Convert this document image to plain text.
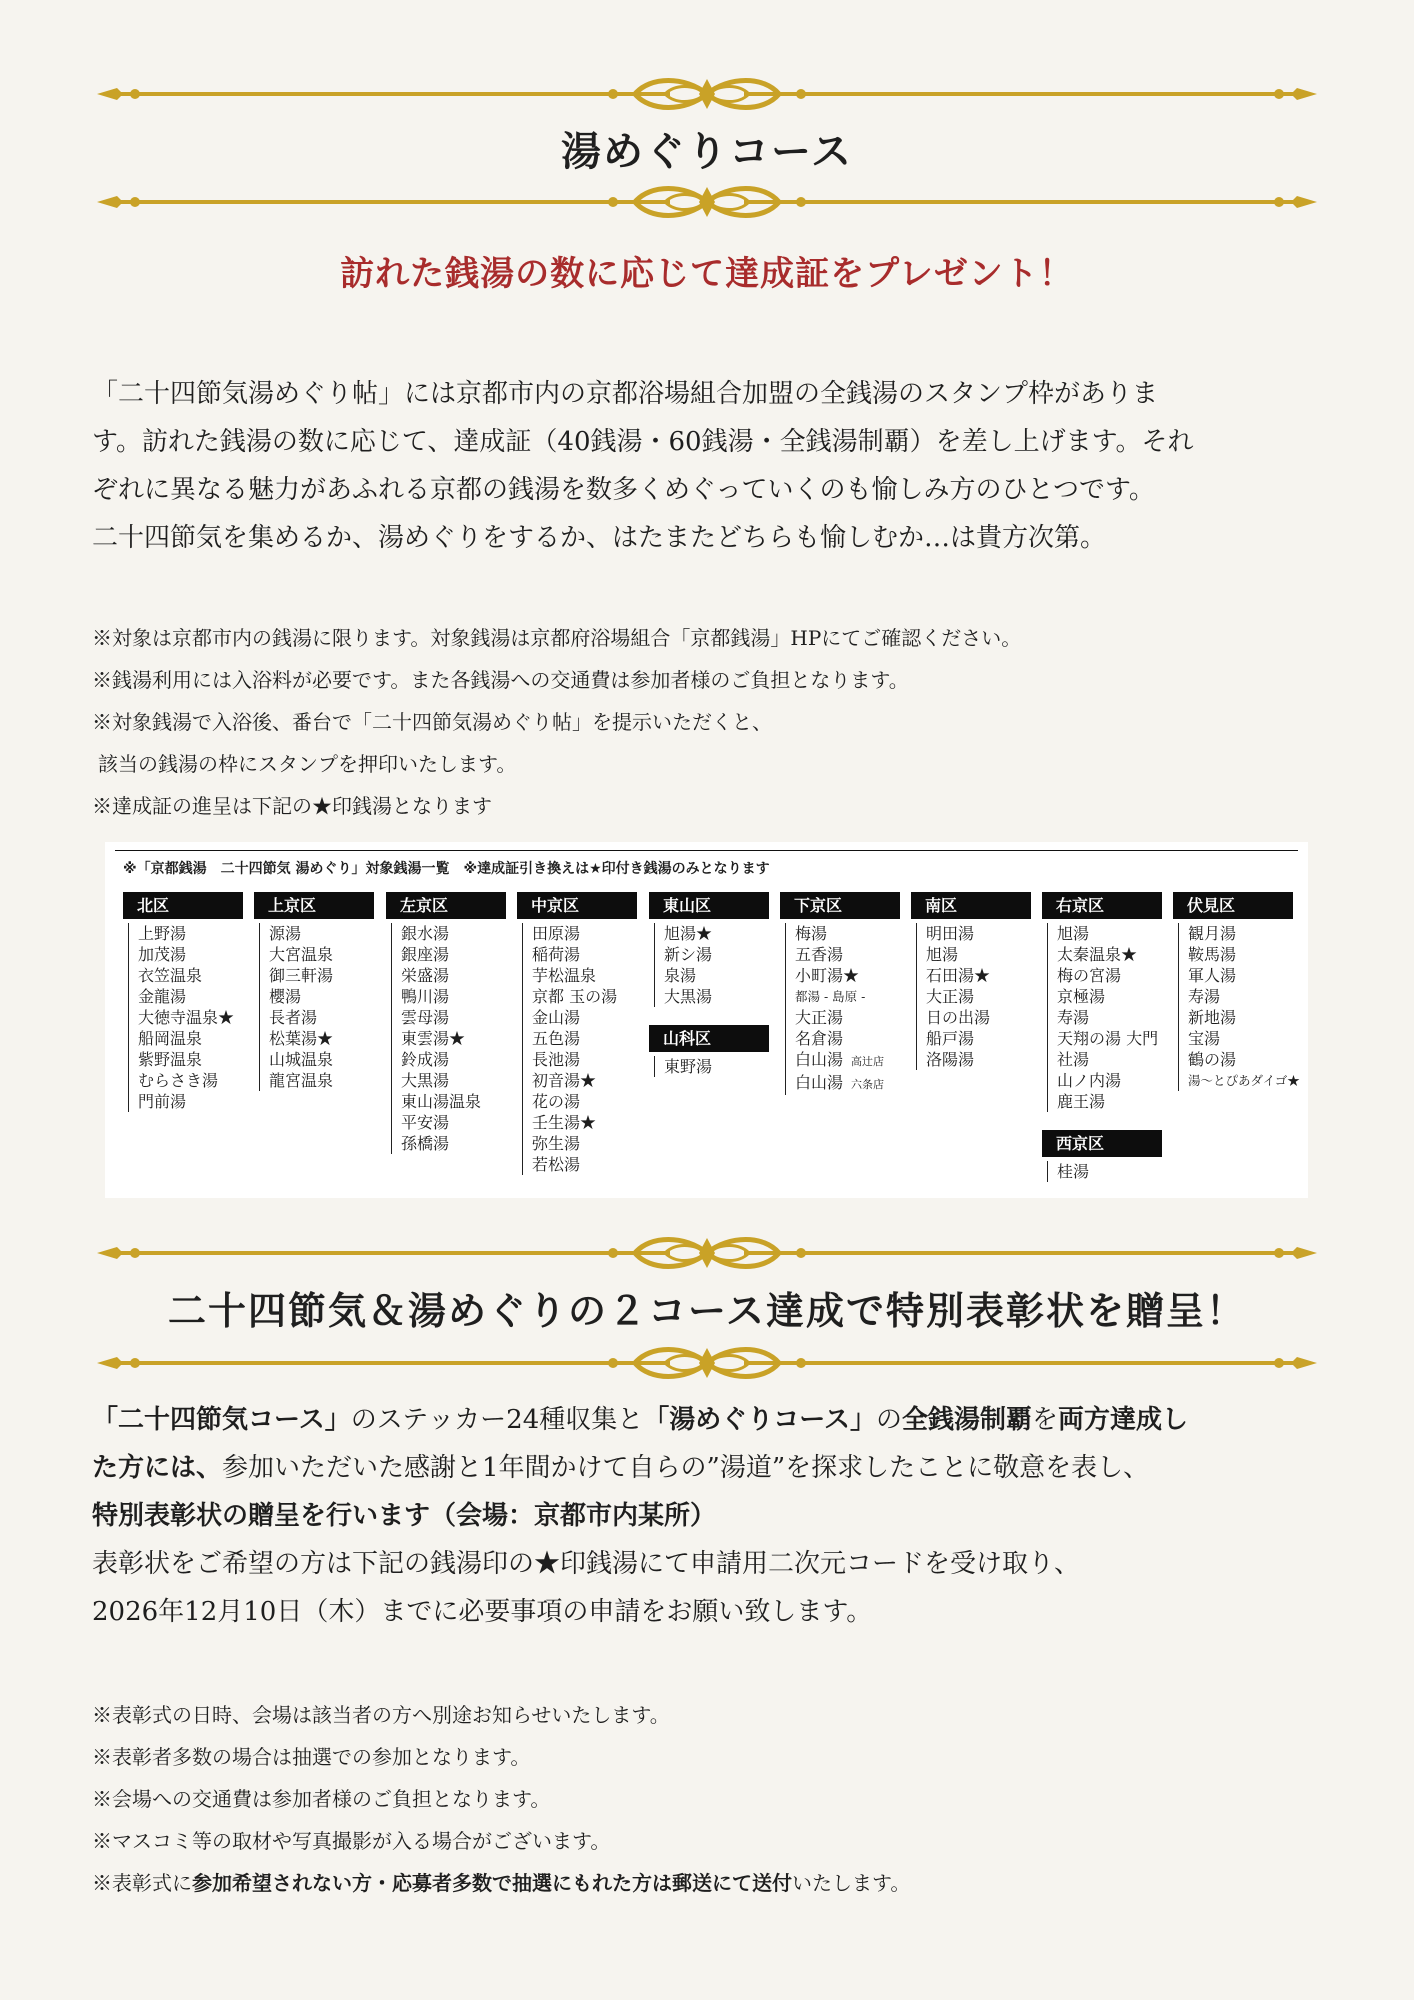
湯めぐりコース
訪れた銭湯の数に応じて達成証をプレゼント！

「二十四節気湯めぐり帖」には京都市内の京都浴場組合加盟の全銭湯のスタンプ枠がありま

す。訪れた銭湯の数に応じて、達成証（40銭湯・60銭湯・全銭湯制覇）を差し上げます。それ

ぞれに異なる魅力があふれる京都の銭湯を数多くめぐっていくのも愉しみ方のひとつです。

二十四節気を集めるか、湯めぐりをするか、はたまたどちらも愉しむか…は貴方次第。

※対象は京都市内の銭湯に限ります。対象銭湯は京都府浴場組合「京都銭湯」HPにてご確認ください。

※銭湯利用には入浴料が必要です。また各銭湯への交通費は参加者様のご負担となります。

※対象銭湯で入浴後、番台で「二十四節気湯めぐり帖」を提示いただくと、

該当の銭湯の枠にスタンプを押印いたします。

※達成証の進呈は下記の★印銭湯となります

※「京都銭湯　二十四節気 湯めぐり」対象銭湯一覧　※達成証引き換えは★印付き銭湯のみとなります
北区
上野湯
加茂湯
衣笠温泉
金龍湯
大徳寺温泉★
船岡温泉
紫野温泉
むらさき湯
門前湯
上京区
源湯
大宮温泉
御三軒湯
櫻湯
長者湯
松葉湯★
山城温泉
龍宮温泉
左京区
銀水湯
銀座湯
栄盛湯
鴨川湯
雲母湯
東雲湯★
鈴成湯
大黒湯
東山湯温泉
平安湯
孫橋湯
中京区
田原湯
稲荷湯
芋松温泉
京都 玉の湯
金山湯
五色湯
長池湯
初音湯★
花の湯
壬生湯★
弥生湯
若松湯
東山区
旭湯★
新シ湯
泉湯
大黒湯
山科区
東野湯
下京区
梅湯
五香湯
小町湯★
都湯 - 島原 -
大正湯
名倉湯
白山湯 高辻店
白山湯 六条店
南区
明田湯
旭湯
石田湯★
大正湯
日の出湯
船戸湯
洛陽湯
右京区
旭湯
太秦温泉★
梅の宮湯
京極湯
寿湯
天翔の湯 大門
社湯
山ノ内湯
鹿王湯
西京区
桂湯
伏見区
観月湯
鞍馬湯
軍人湯
寿湯
新地湯
宝湯
鶴の湯
湯〜とぴあダイゴ★
二十四節気＆湯めぐりの２コース達成で特別表彰状を贈呈！

「二十四節気コース」のステッカー24種収集と「湯めぐりコース」の全銭湯制覇を両方達成し

た方には、参加いただいた感謝と1年間かけて自らの”湯道”を探求したことに敬意を表し、

特別表彰状の贈呈を行います（会場：京都市内某所）

表彰状をご希望の方は下記の銭湯印の★印銭湯にて申請用二次元コードを受け取り、

2026年12月10日（木）までに必要事項の申請をお願い致します。

※表彰式の日時、会場は該当者の方へ別途お知らせいたします。

※表彰者多数の場合は抽選での参加となります。

※会場への交通費は参加者様のご負担となります。

※マスコミ等の取材や写真撮影が入る場合がございます。

※表彰式に参加希望されない方・応募者多数で抽選にもれた方は郵送にて送付いたします。
